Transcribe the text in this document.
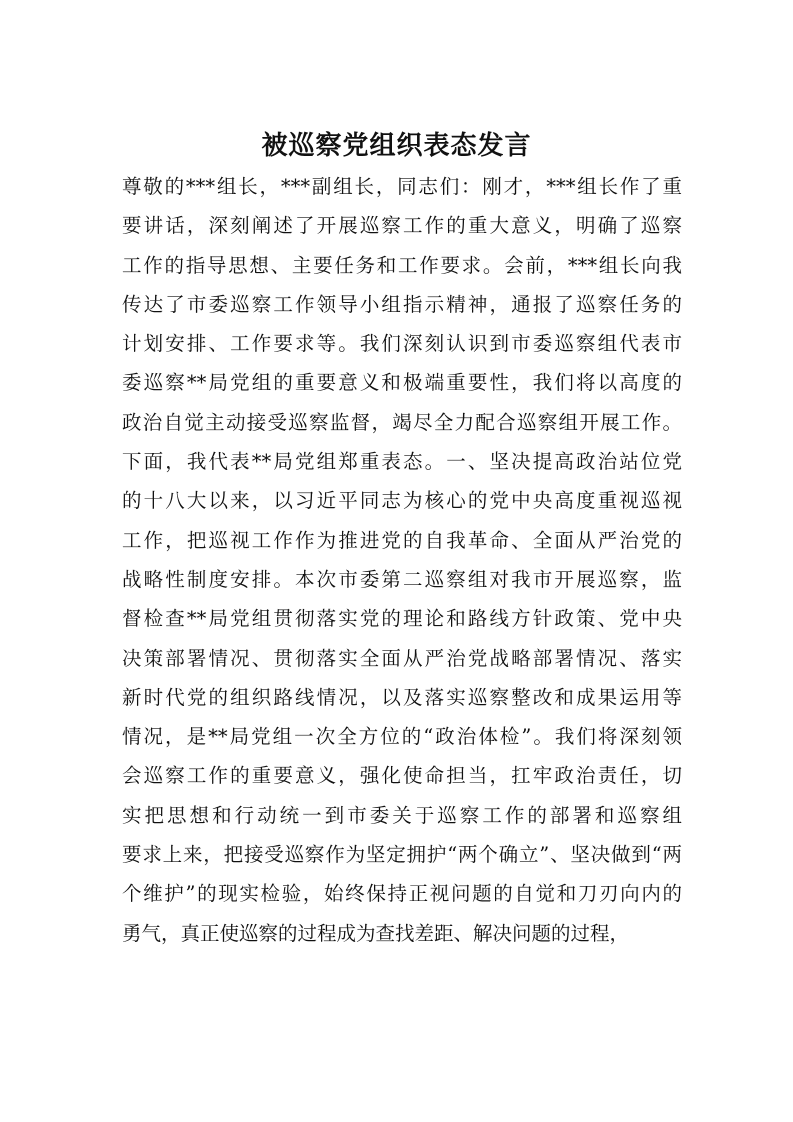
被巡察党组织表态发言
尊敬的***组长，***副组长，同志们：刚才，***组长作了重
要讲话，深刻阐述了开展巡察工作的重大意义，明确了巡察
工作的指导思想、主要任务和工作要求。会前，***组长向我
传达了市委巡察工作领导小组指示精神，通报了巡察任务的
计划安排、工作要求等。我们深刻认识到市委巡察组代表市
委巡察**局党组的重要意义和极端重要性，我们将以高度的
政治自觉主动接受巡察监督，竭尽全力配合巡察组开展工作。
下面，我代表**局党组郑重表态。一、坚决提高政治站位党
的十八大以来，以习近平同志为核心的党中央高度重视巡视
工作，把巡视工作作为推进党的自我革命、全面从严治党的
战略性制度安排。本次市委第二巡察组对我市开展巡察，监
督检查**局党组贯彻落实党的理论和路线方针政策、党中央
决策部署情况、贯彻落实全面从严治党战略部署情况、落实
新时代党的组织路线情况，以及落实巡察整改和成果运用等
情况，是**局党组一次全方位的“政治体检”。我们将深刻领
会巡察工作的重要意义，强化使命担当，扛牢政治责任，切
实把思想和行动统一到市委关于巡察工作的部署和巡察组
要求上来，把接受巡察作为坚定拥护“两个确立”、坚决做到“两
个维护”的现实检验，始终保持正视问题的自觉和刀刃向内的
勇气，真正使巡察的过程成为查找差距、解决问题的过程，
